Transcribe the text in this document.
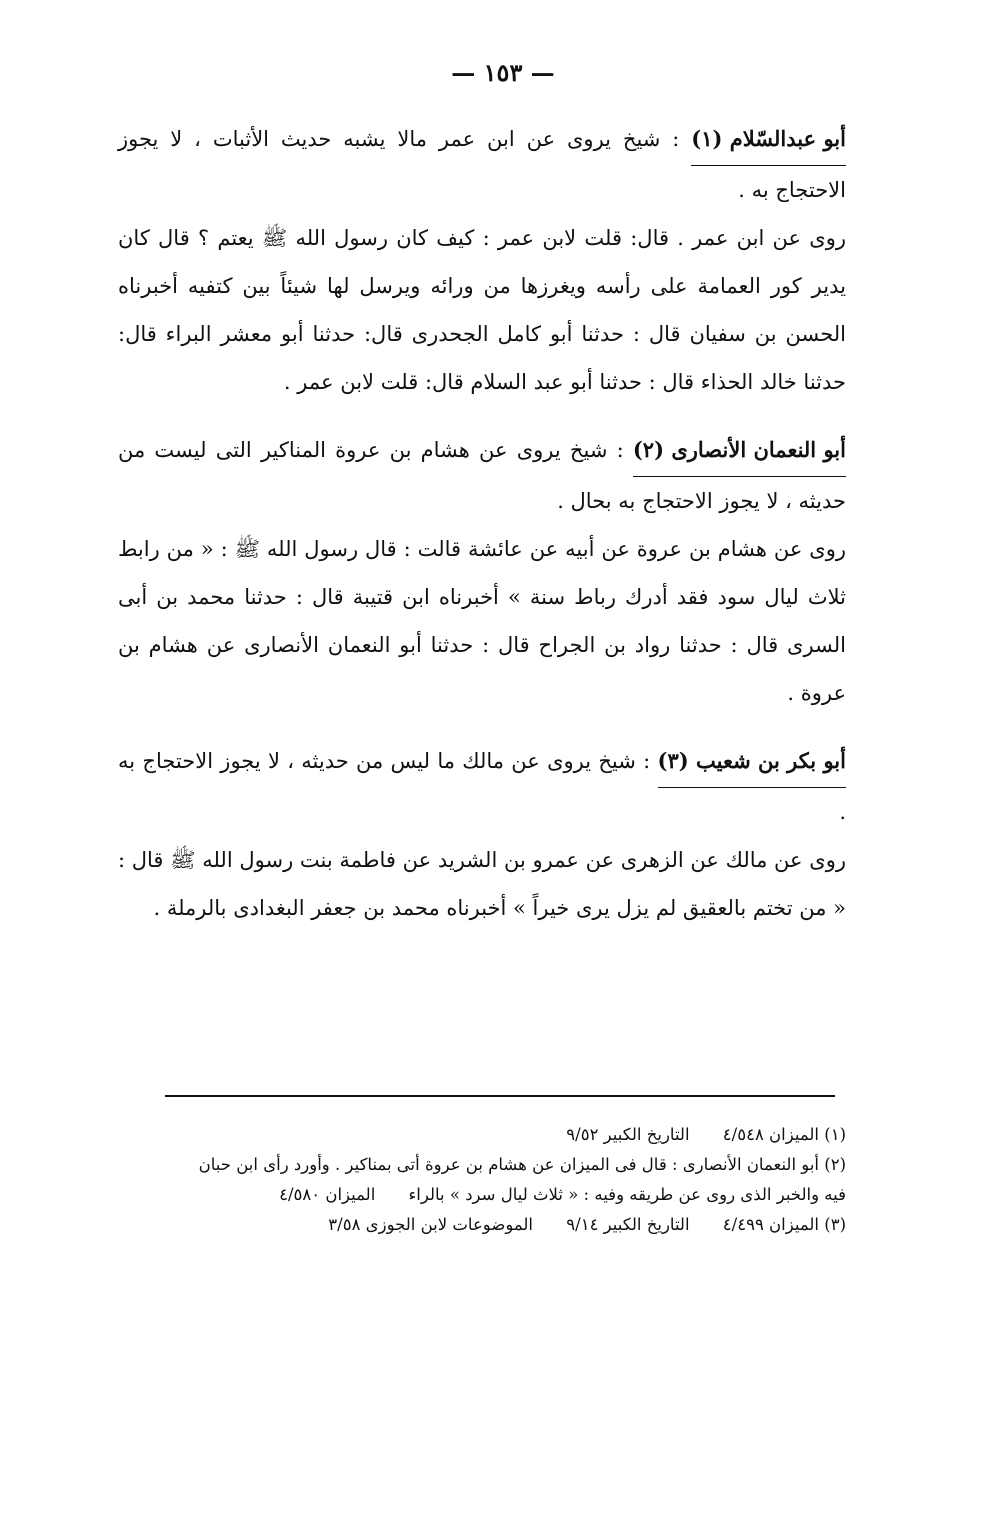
— ١٥٣ —

أبو عبدالسّلام (١) : شيخ يروى عن ابن عمر مالا يشبه حديث الأثبات ، لا يجوز الاحتجاج به .

روى عن ابن عمر . قال: قلت لابن عمر : كيف كان رسول الله ﷺ يعتم ؟ قال كان يدير كور العمامة على رأسه ويغرزها من ورائه ويرسل لها شيئاً بين كتفيه أخبرناه الحسن بن سفيان قال : حدثنا أبو كامل الجحدرى قال: حدثنا أبو معشر البراء قال: حدثنا خالد الحذاء قال : حدثنا أبو عبد السلام قال: قلت لابن عمر .

أبو النعمان الأنصارى (٢) : شيخ يروى عن هشام بن عروة المناكير التى ليست من حديثه ، لا يجوز الاحتجاج به بحال .

روى عن هشام بن عروة عن أبيه عن عائشة قالت : قال رسول الله ﷺ : « من رابط ثلاث ليال سود فقد أدرك رباط سنة » أخبرناه ابن قتيبة قال : حدثنا محمد بن أبى السرى قال : حدثنا رواد بن الجراح قال : حدثنا أبو النعمان الأنصارى عن هشام بن عروة .

أبو بكر بن شعيب (٣) : شيخ يروى عن مالك ما ليس من حديثه ، لا يجوز الاحتجاج به .

روى عن مالك عن الزهرى عن عمرو بن الشريد عن فاطمة بنت رسول الله ﷺ قال : « من تختم بالعقيق لم يزل يرى خيراً » أخبرناه محمد بن جعفر البغدادى بالرملة .

(١) الميزان ٤/٥٤٨ التاريخ الكبير ٩/٥٢

(٢) أبو النعمان الأنصارى : قال فى الميزان عن هشام بن عروة أتى بمناكير . وأورد رأى ابن حبان

فيه والخبر الذى روى عن طريقه وفيه : « ثلاث ليال سرد » بالراء الميزان ٤/٥٨٠

(٣) الميزان ٤/٤٩٩ التاريخ الكبير ٩/١٤ الموضوعات لابن الجوزى ٣/٥٨
